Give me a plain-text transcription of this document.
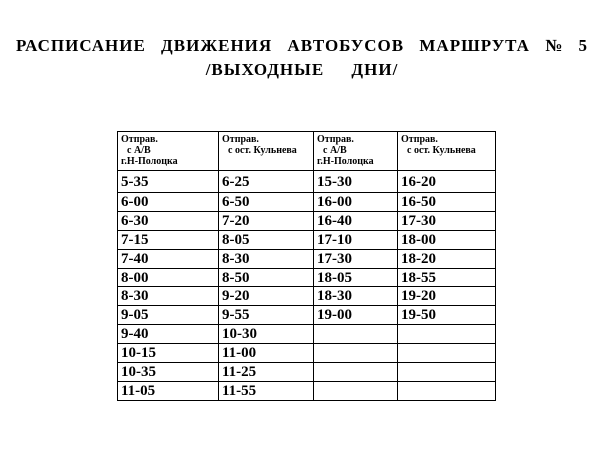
РАСПИСАНИЕ ДВИЖЕНИЯ АВТОБУСОВ МАРШРУТА № 5
/ВЫХОДНЫЕ ДНИ/
Отправ.
с А/В
г.Н-Полоцка	Отправ.
с ост. Кульнева	Отправ.
с А/В
г.Н-Полоцка	Отправ.
с ост. Кульнева

5-35	6-25	15-30	16-20
6-00	6-50	16-00	16-50
6-30	7-20	16-40	17-30
7-15	8-05	17-10	18-00
7-40	8-30	17-30	18-20
8-00	8-50	18-05	18-55
8-30	9-20	18-30	19-20
9-05	9-55	19-00	19-50
9-40	10-30		
10-15	11-00		
10-35	11-25		
11-05	11-55		
